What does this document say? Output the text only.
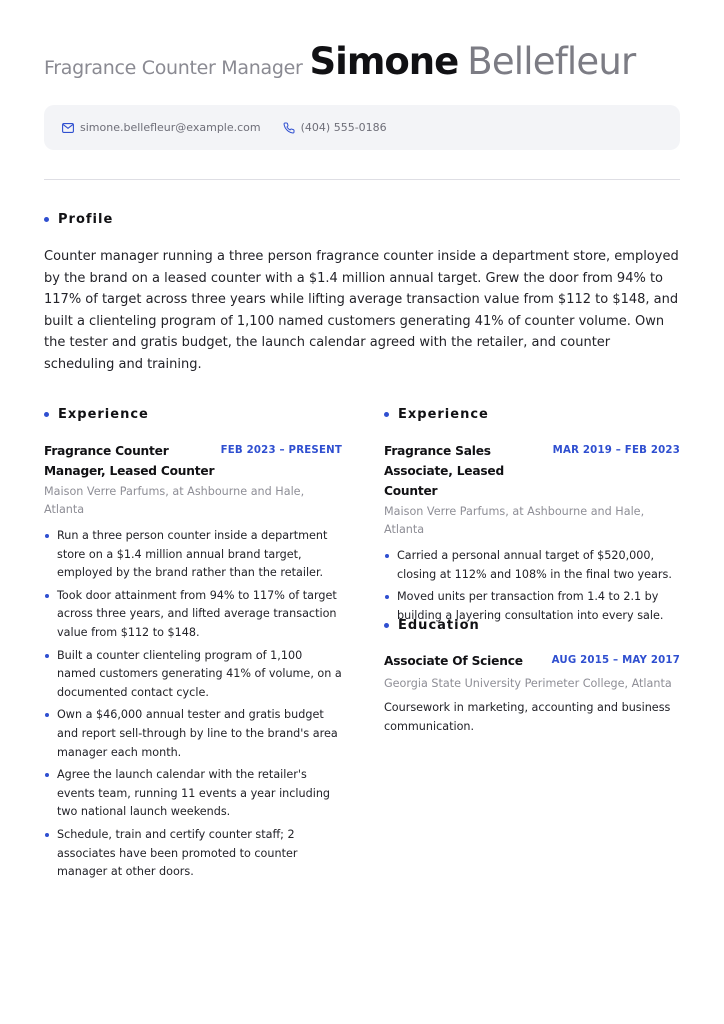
Fragrance Counter Manager Simone Bellefleur
simone.bellefleur@example.com	(404) 555-0186
Profile

Counter manager running a three person fragrance counter inside a department store, employed by the brand on a leased counter with a $1.4 million annual target. Grew the door from 94% to 117% of target across three years while lifting average transaction value from $112 to $148, and built a clienteling program of 1,100 named customers generating 41% of counter volume. Own the tester and gratis budget, the launch calendar agreed with the retailer, and counter scheduling and training.

Experience
Fragrance Counter Manager, Leased Counter
FEB 2023 – PRESENT
Maison Verre Parfums, at Ashbourne and Hale, Atlanta
Run a three person counter inside a department store on a $1.4 million annual brand target, employed by the brand rather than the retailer.
Took door attainment from 94% to 117% of target across three years, and lifted average transaction value from $112 to $148.
Built a counter clienteling program of 1,100 named customers generating 41% of volume, on a documented contact cycle.
Own a $46,000 annual tester and gratis budget and report sell-through by line to the brand's area manager each month.
Agree the launch calendar with the retailer's events team, running 11 events a year including two national launch weekends.
Schedule, train and certify counter staff; 2 associates have been promoted to counter manager at other doors.
Experience
Fragrance Sales Associate, Leased Counter
MAR 2019 – FEB 2023
Maison Verre Parfums, at Ashbourne and Hale, Atlanta
Carried a personal annual target of $520,000, closing at 112% and 108% in the final two years.
Moved units per transaction from 1.4 to 2.1 by building a layering consultation into every sale.
Education
Associate Of Science	AUG 2015 – MAY 2017
Georgia State University Perimeter College, Atlanta
Coursework in marketing, accounting and business communication.
